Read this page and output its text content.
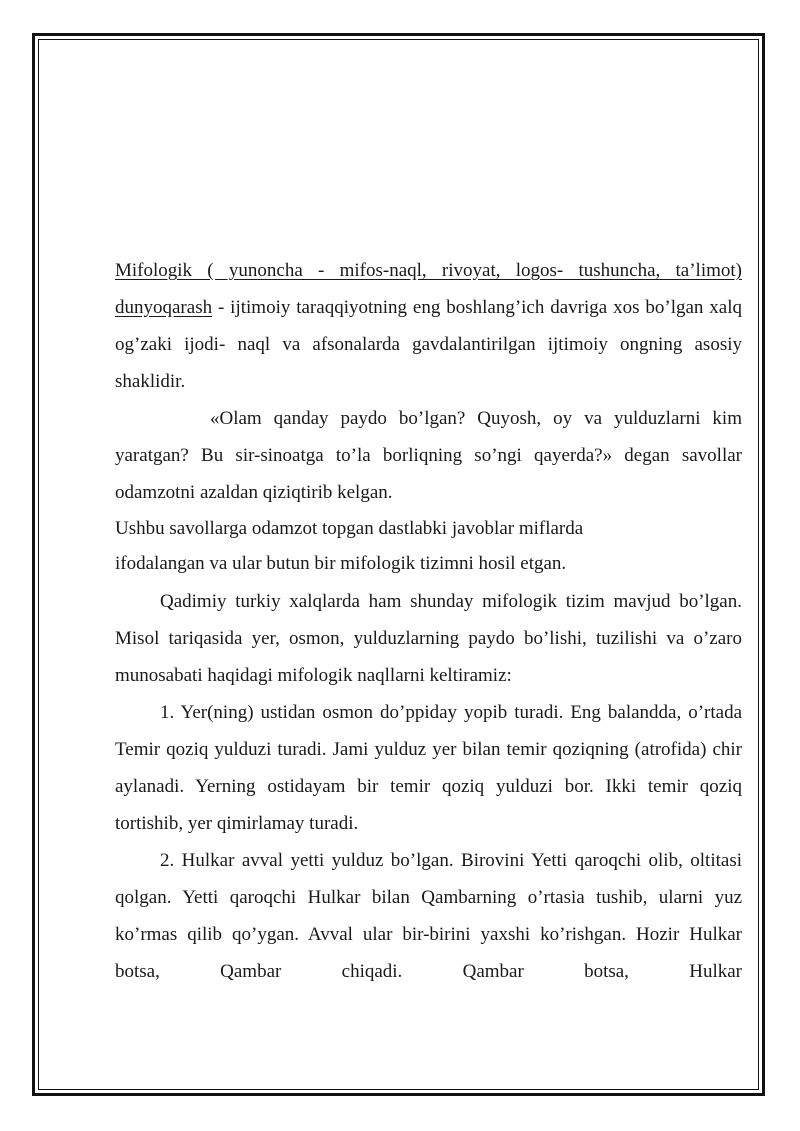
Mifologik ( yunoncha - mifos-naql, rivoyat, logos- tushuncha, ta’limot)

dunyoqarash - ijtimoiy taraqqiyotning eng boshlang’ich davriga xos bo’lgan xalq og’zaki ijodi- naql va afsonalarda gavdalantirilgan ijtimoiy ongning asosiy shaklidir.

«Olam qanday paydo bo’lgan? Quyosh, oy va yulduzlarni kim yaratgan? Bu sir-sinoatga to’la borliqning so’ngi qayerda?» degan savollar odamzotni azaldan qiziqtirib kelgan.

Ushbu savollarga odamzot topgan dastlabki javoblar miflarda

ifodalangan va ular butun bir mifologik tizimni hosil etgan.

Qadimiy turkiy xalqlarda ham shunday mifologik tizim mavjud bo’lgan. Misol tariqasida yer, osmon, yulduzlarning paydo bo’lishi, tuzilishi va o’zaro munosabati haqidagi mifologik naqllarni keltiramiz:

1. Yer(ning) ustidan osmon do’ppiday yopib turadi. Eng balandda, o’rtada Temir qoziq yulduzi turadi. Jami yulduz yer bilan temir qoziqning (atrofida) chir aylanadi. Yerning ostidayam bir temir qoziq yulduzi bor. Ikki temir qoziq tortishib, yer qimirlamay turadi.

2. Hulkar avval yetti yulduz bo’lgan. Birovini Yetti qaroqchi olib, oltitasi qolgan. Yetti qaroqchi Hulkar bilan Qambarning o’rtasia tushib, ularni yuz ko’rmas qilib qo’ygan. Avval ular bir-birini yaxshi ko’rishgan. Hozir Hulkar botsa, Qambar chiqadi. Qambar botsa, Hulkar
